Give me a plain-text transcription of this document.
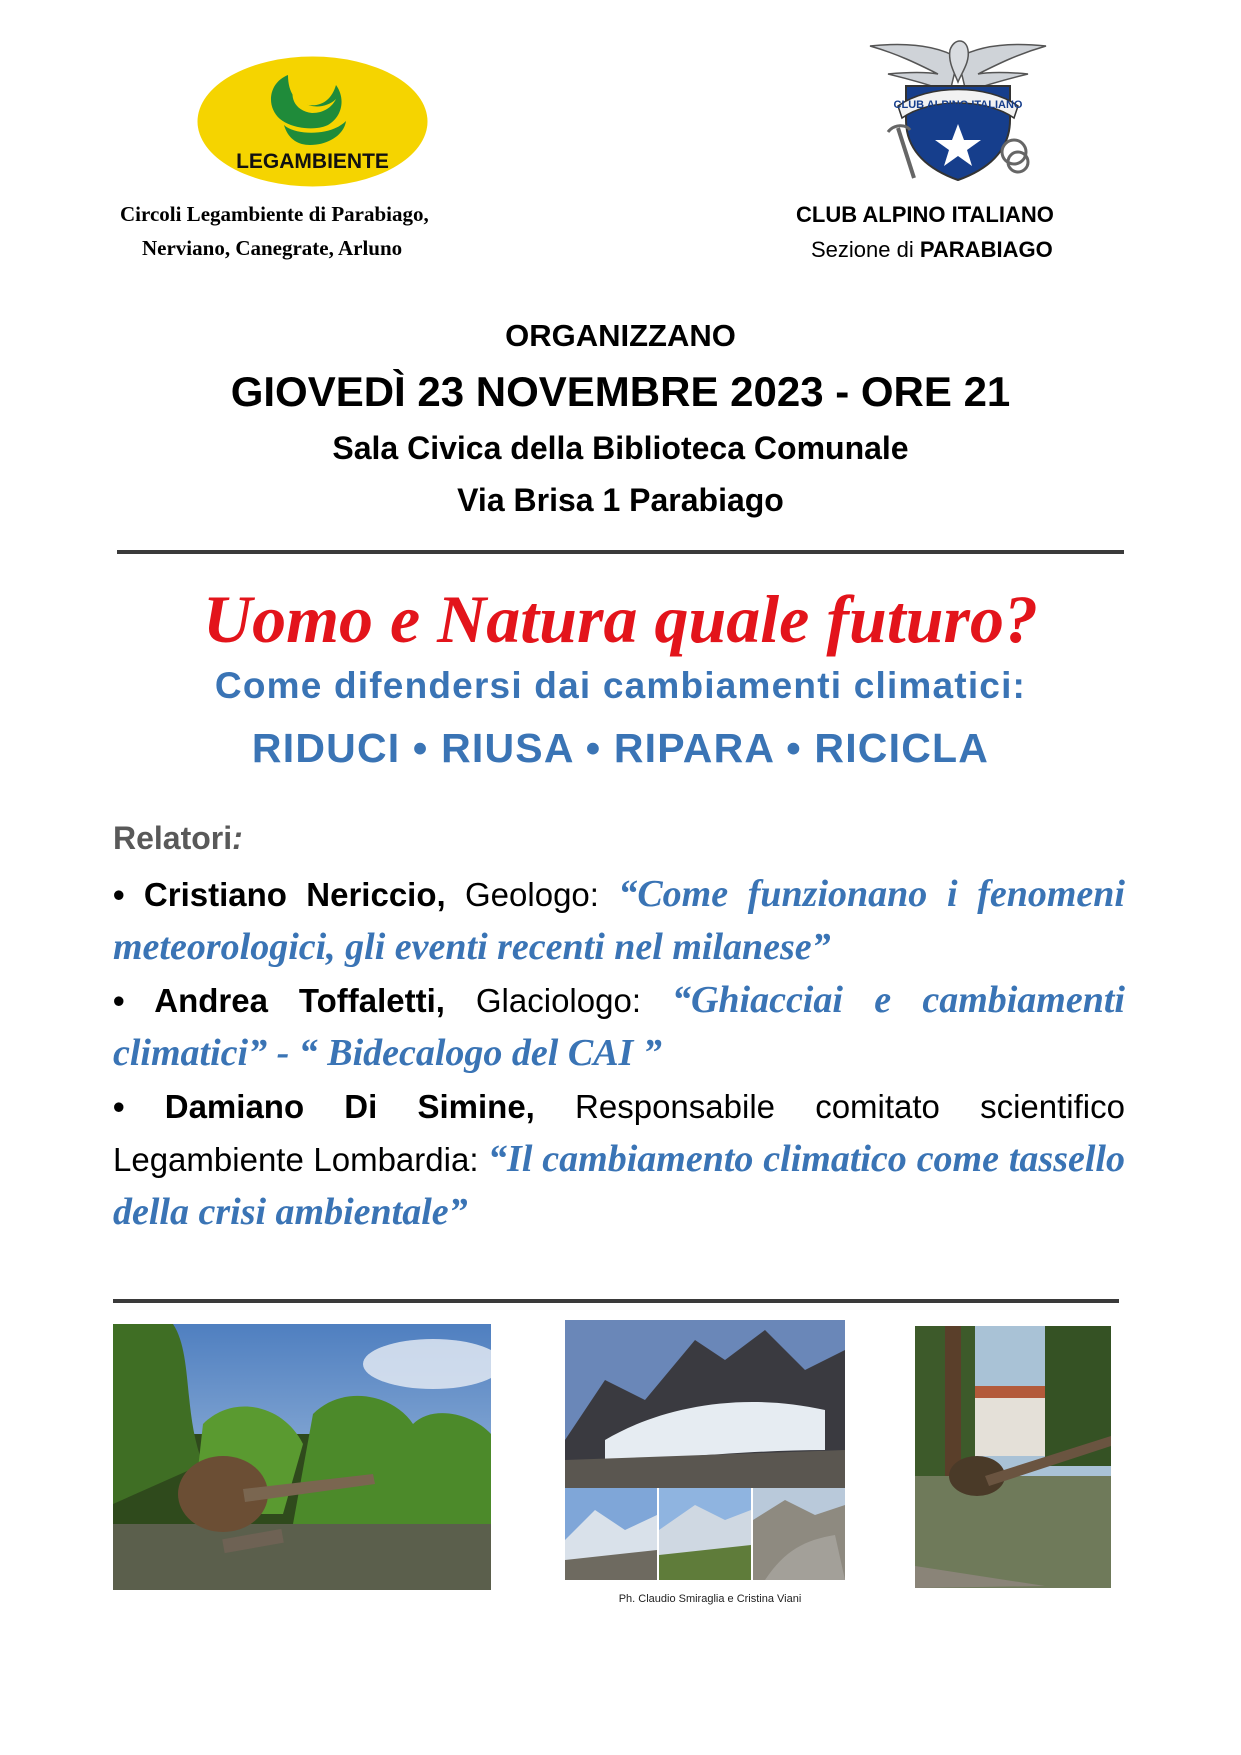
LEGAMBIENTE
Circoli Legambiente di Parabiago,
Nerviano, Canegrate, Arluno
CLUB ALPINO ITALIANO
CLUB ALPINO ITALIANO
Sezione di PARABIAGO
ORGANIZZANO
GIOVEDÌ 23 NOVEMBRE 2023 - ORE 21
Sala Civica della Biblioteca Comunale
Via Brisa 1 Parabiago
Uomo e Natura quale futuro?
Come difendersi dai cambiamenti climatici:
RIDUCI • RIUSA • RIPARA • RICICLA
Relatori:

• Cristiano Nericcio, Geologo: “Come funzionano i fenomeni meteorologici, gli eventi recenti nel milanese”

• Andrea Toffaletti, Glaciologo: “Ghiacciai e cambiamenti climatici” - “ Bidecalogo del CAI ”

• Damiano Di Simine, Responsabile comitato scientifico Legambiente Lombardia: “Il cambiamento climatico come tassello della crisi ambientale”

Ph. Claudio Smiraglia e Cristina Viani
